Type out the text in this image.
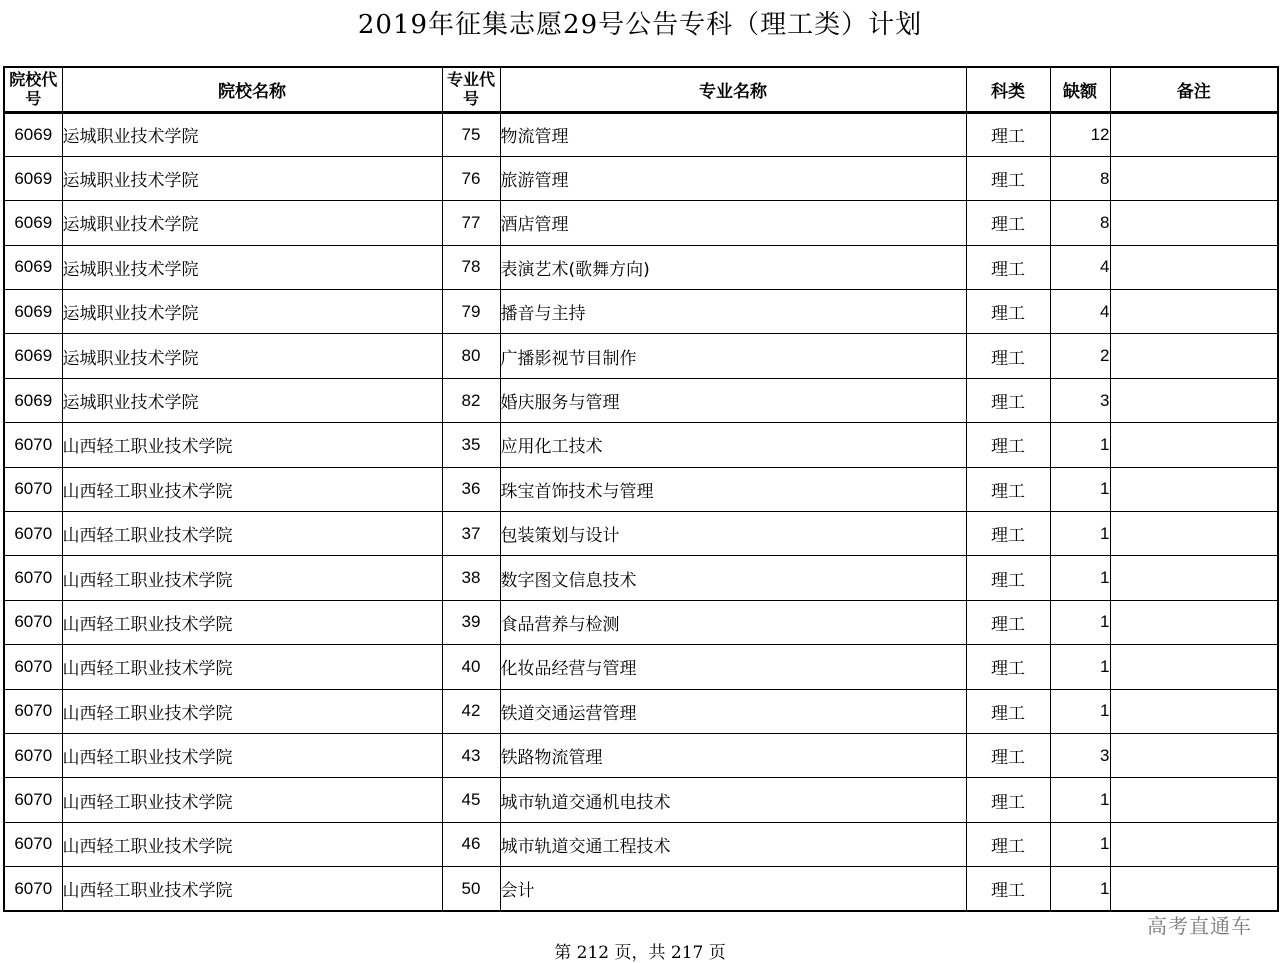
2019年征集志愿29号公告专科（理工类）计划
院校代号	院校名称	专业代号	专业名称	科类	缺额	备注
6069	运城职业技术学院	75	物流管理	理工	12	
6069	运城职业技术学院	76	旅游管理	理工	8	
6069	运城职业技术学院	77	酒店管理	理工	8	
6069	运城职业技术学院	78	表演艺术(歌舞方向)	理工	4	
6069	运城职业技术学院	79	播音与主持	理工	4	
6069	运城职业技术学院	80	广播影视节目制作	理工	2	
6069	运城职业技术学院	82	婚庆服务与管理	理工	3	
6070	山西轻工职业技术学院	35	应用化工技术	理工	1	
6070	山西轻工职业技术学院	36	珠宝首饰技术与管理	理工	1	
6070	山西轻工职业技术学院	37	包装策划与设计	理工	1	
6070	山西轻工职业技术学院	38	数字图文信息技术	理工	1	
6070	山西轻工职业技术学院	39	食品营养与检测	理工	1	
6070	山西轻工职业技术学院	40	化妆品经营与管理	理工	1	
6070	山西轻工职业技术学院	42	铁道交通运营管理	理工	1	
6070	山西轻工职业技术学院	43	铁路物流管理	理工	3	
6070	山西轻工职业技术学院	45	城市轨道交通机电技术	理工	1	
6070	山西轻工职业技术学院	46	城市轨道交通工程技术	理工	1	
6070	山西轻工职业技术学院	50	会计	理工	1	
高考直通车
第 212 页，共 217 页
